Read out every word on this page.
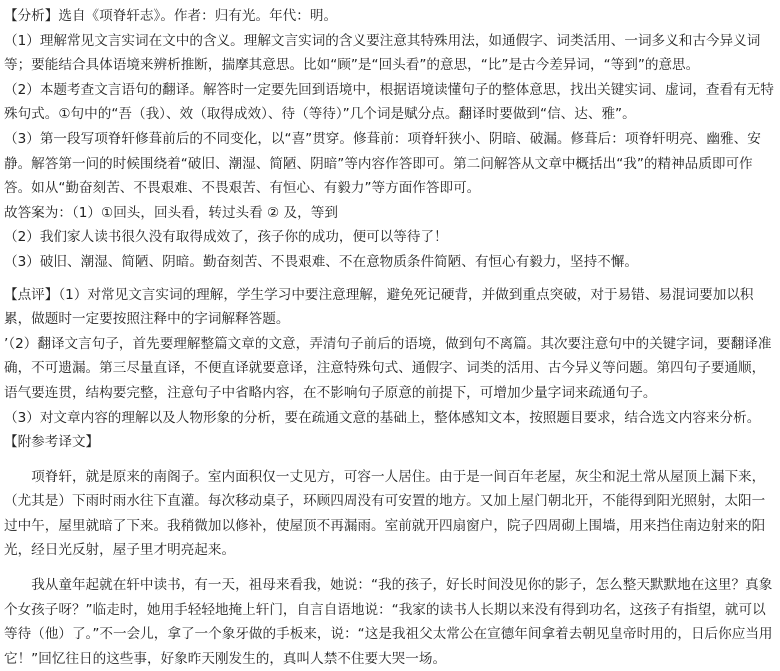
【分析】选自《项脊轩志》。作者：归有光。年代：明。

（1）理解常见文言实词在文中的含义。理解文言实词的含义要注意其特殊用法，如通假字、词类活用、一词多义和古今异义词等；要能结合具体语境来辨析推断，揣摩其意思。比如“顾”是“回头看”的意思，“比”是古今差异词，“等到”的意思。

（2）本题考查文言语句的翻译。解答时一定要先回到语境中，根据语境读懂句子的整体意思，找出关键实词、虚词，查看有无特殊句式。①句中的“吾（我）、效（取得成效）、待（等待）”几个词是赋分点。翻译时要做到“信、达、雅”。

（3）第一段写项脊轩修葺前后的不同变化，以“喜”贯穿。修葺前：项脊轩狭小、阴暗、破漏。修葺后：项脊轩明亮、幽雅、安静。解答第一问的时候围绕着“破旧、潮湿、简陋、阴暗”等内容作答即可。第二问解答从文章中概括出“我”的精神品质即可作答。如从“勤奋刻苦、不畏艰难、不畏艰苦、有恒心、有毅力”等方面作答即可。

故答案为：（1）①回头，回头看，转过头看 ② 及，等到

（2）我们家人读书很久没有取得成效了，孩子你的成功，便可以等待了！

（3）破旧、潮湿、简陋、阴暗。勤奋刻苦、不畏艰难、不在意物质条件简陋、有恒心有毅力，坚持不懈。

【点评】（1）对常见文言实词的理解，学生学习中要注意理解，避免死记硬背，并做到重点突破，对于易错、易混词要加以积累，做题时一定要按照注释中的字词解释答题。

’（2）翻译文言句子，首先要理解整篇文章的文意，弄清句子前后的语境，做到句不离篇。其次要注意句中的关键字词，要翻译准确，不可遗漏。第三尽量直译，不便直译就要意译，注意特殊句式、通假字、词类的活用、古今异义等问题。第四句子要通顺，语气要连贯，结构要完整，注意句子中省略内容，在不影响句子原意的前提下，可增加少量字词来疏通句子。

（3）对文章内容的理解以及人物形象的分析，要在疏通文意的基础上，整体感知文本，按照题目要求，结合选文内容来分析。

【附参考译文】

项脊轩，就是原来的南阁子。室内面积仅一丈见方，可容一人居住。由于是一间百年老屋，灰尘和泥土常从屋顶上漏下来，（尤其是）下雨时雨水往下直灌。每次移动桌子，环顾四周没有可安置的地方。又加上屋门朝北开，不能得到阳光照射，太阳一过中午，屋里就暗了下来。我稍微加以修补，使屋顶不再漏雨。室前就开四扇窗户，院子四周砌上围墙，用来挡住南边射来的阳光，经日光反射，屋子里才明亮起来。

我从童年起就在轩中读书，有一天，祖母来看我，她说：“我的孩子，好长时间没见你的影子，怎么整天默默地在这里？真象个女孩子呀？”临走时，她用手轻轻地掩上轩门，自言自语地说：“我家的读书人长期以来没有得到功名，这孩子有指望，就可以等待（他）了。”不一会儿，拿了一个象牙做的手板来，说：“这是我祖父太常公在宣德年间拿着去朝见皇帝时用的，日后你应当用它！”回忆往日的这些事，好象昨天刚发生的，真叫人禁不住要大哭一场。
